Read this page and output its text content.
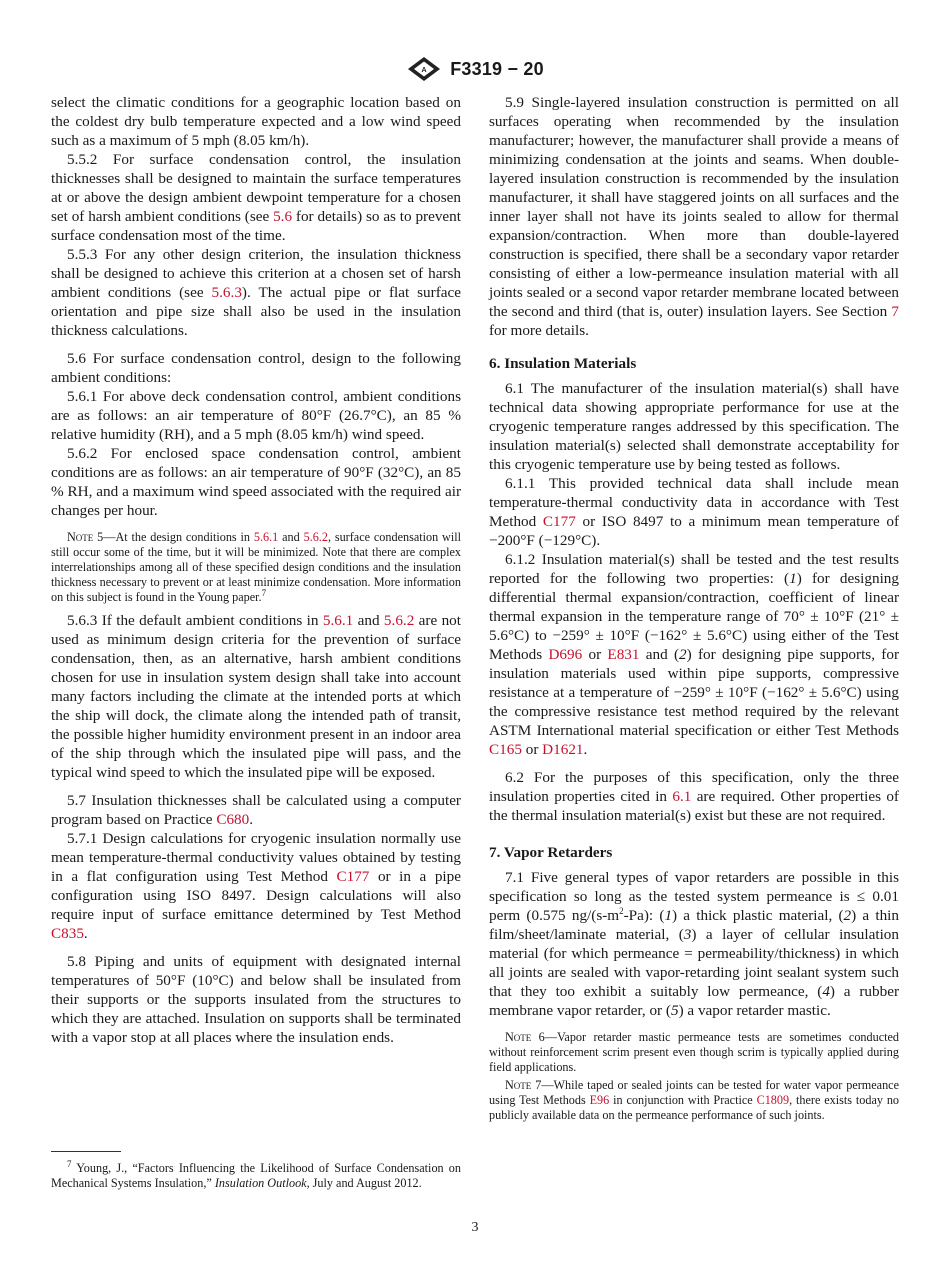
A F3319 − 20

select the climatic conditions for a geographic location based on the coldest dry bulb temperature expected and a low wind speed such as a maximum of 5 mph (8.05 km/h).

5.5.2 For surface condensation control, the insulation thicknesses shall be designed to maintain the surface temperatures at or above the design ambient dewpoint temperature for a chosen set of harsh ambient conditions (see 5.6 for details) so as to prevent surface condensation most of the time.

5.5.3 For any other design criterion, the insulation thickness shall be designed to achieve this criterion at a chosen set of harsh ambient conditions (see 5.6.3). The actual pipe or flat surface orientation and pipe size shall also be used in the insulation thickness calculations.

5.6 For surface condensation control, design to the following ambient conditions:

5.6.1 For above deck condensation control, ambient conditions are as follows: an air temperature of 80°F (26.7°C), an 85 % relative humidity (RH), and a 5 mph (8.05 km/h) wind speed.

5.6.2 For enclosed space condensation control, ambient conditions are as follows: an air temperature of 90°F (32°C), an 85 % RH, and a maximum wind speed associated with the required air changes per hour.

Note 5—At the design conditions in 5.6.1 and 5.6.2, surface condensation will still occur some of the time, but it will be minimized. Note that there are complex interrelationships among all of these specified design conditions and the insulation thickness necessary to prevent or at least minimize condensation. More information on this subject is found in the Young paper.$^7$

5.6.3 If the default ambient conditions in 5.6.1 and 5.6.2 are not used as minimum design criteria for the prevention of surface condensation, then, as an alternative, harsh ambient conditions chosen for use in insulation system design shall take into account many factors including the climate at the intended ports at which the ship will dock, the climate along the intended path of transit, the possible higher humidity environment present in an indoor area of the ship through which the insulated pipe will pass, and the typical wind speed to which the insulated pipe will be exposed.

5.7 Insulation thicknesses shall be calculated using a computer program based on Practice C680.

5.7.1 Design calculations for cryogenic insulation normally use mean temperature-thermal conductivity values obtained by testing in a flat configuration using Test Method C177 or in a pipe configuration using ISO 8497. Design calculations will also require input of surface emittance determined by Test Method C835.

5.8 Piping and units of equipment with designated internal temperatures of 50°F (10°C) and below shall be insulated from their supports or the supports insulated from the structures to which they are attached. Insulation on supports shall be terminated with a vapor stop at all places where the insulation ends.

$^7$ Young, J., “Factors Influencing the Likelihood of Surface Condensation on Mechanical Systems Insulation,” Insulation Outlook, July and August 2012.

5.9 Single-layered insulation construction is permitted on all surfaces operating when recommended by the insulation manufacturer; however, the manufacturer shall provide a means of minimizing condensation at the joints and seams. When double-layered insulation construction is recommended by the insulation manufacturer, it shall have staggered joints on all surfaces and the inner layer shall not have its joints sealed to allow for thermal expansion/contraction. When more than double-layered construction is specified, there shall be a secondary vapor retarder consisting of either a low-permeance insulation material with all joints sealed or a second vapor retarder membrane located between the second and third (that is, outer) insulation layers. See Section 7 for more details.

6. Insulation Materials

6.1 The manufacturer of the insulation material(s) shall have technical data showing appropriate performance for use at the cryogenic temperature ranges addressed by this specification. The insulation material(s) selected shall demonstrate acceptability for this cryogenic temperature use by being tested as follows.

6.1.1 This provided technical data shall include mean temperature-thermal conductivity data in accordance with Test Method C177 or ISO 8497 to a minimum mean temperature of −200°F (−129°C).

6.1.2 Insulation material(s) shall be tested and the test results reported for the following two properties: (1) for designing differential thermal expansion/contraction, coefficient of linear thermal expansion in the temperature range of 70° ± 10°F (21° ± 5.6°C) to −259° ± 10°F (−162° ± 5.6°C) using either of the Test Methods D696 or E831 and (2) for designing pipe supports, for insulation materials used within pipe supports, compressive resistance at a temperature of −259° ± 10°F (−162° ± 5.6°C) using the compressive resistance test method required by the relevant ASTM International material specification or either Test Methods C165 or D1621.

6.2 For the purposes of this specification, only the three insulation properties cited in 6.1 are required. Other properties of the thermal insulation material(s) exist but these are not required.

7. Vapor Retarders

7.1 Five general types of vapor retarders are possible in this specification so long as the tested system permeance is ≤ 0.01 perm (0.575 $ng/(s-m^2-Pa)$: (1) a thick plastic material, (2) a thin film/sheet/laminate material, (3) a layer of cellular insulation material (for which permeance = permeability/thickness) in which all joints are sealed with vapor-retarding joint sealant system such that they too exhibit a suitably low permeance, (4) a rubber membrane vapor retarder, or (5) a vapor retarder mastic.

Note 6—Vapor retarder mastic permeance tests are sometimes conducted without reinforcement scrim present even though scrim is typically applied during field applications.

Note 7—While taped or sealed joints can be tested for water vapor permeance using Test Methods E96 in conjunction with Practice C1809, there exists today no publicly available data on the permeance performance of such joints.

3
